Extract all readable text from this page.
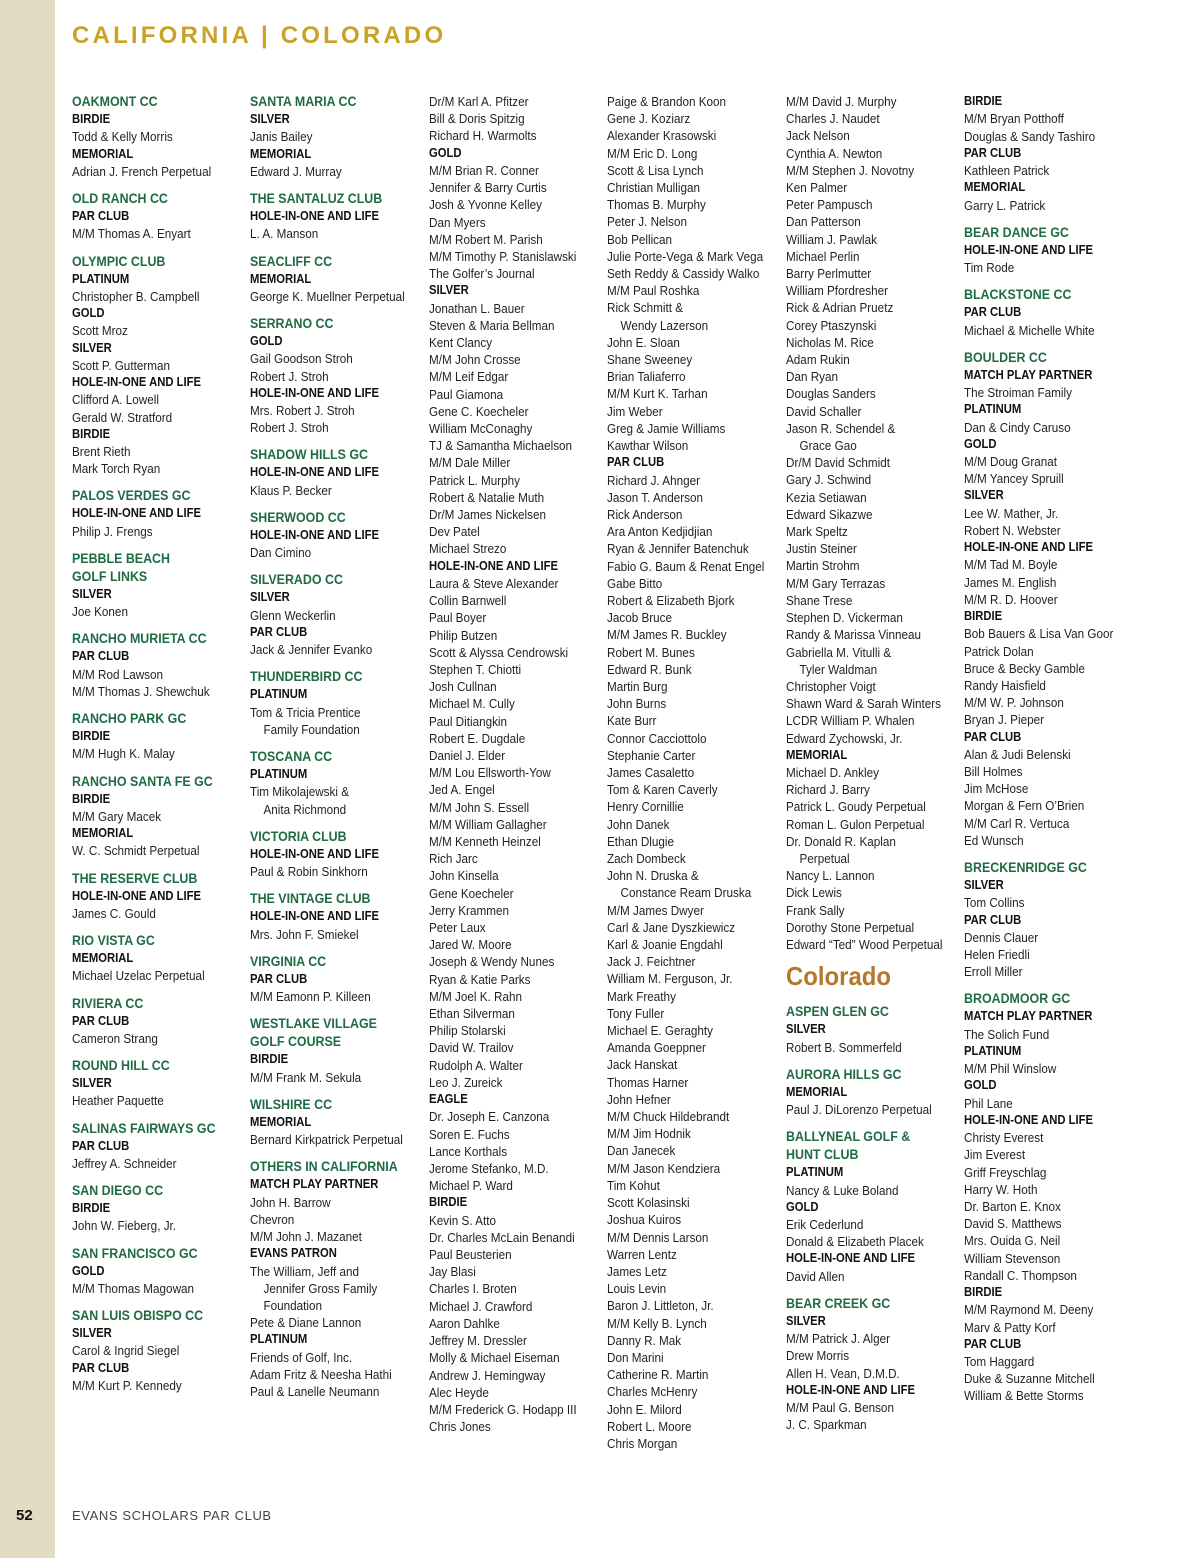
CALIFORNIA | COLORADO
OAKMONT CC
BIRDIE
Todd & Kelly Morris
MEMORIAL
Adrian J. French Perpetual
OLD RANCH CC
PAR CLUB
M/M Thomas A. Enyart
OLYMPIC CLUB
PLATINUM
Christopher B. Campbell
GOLD
Scott Mroz
SILVER
Scott P. Gutterman
HOLE-IN-ONE AND LIFE
Clifford A. Lowell
Gerald W. Stratford
BIRDIE
Brent Rieth
Mark Torch Ryan
PALOS VERDES GC
HOLE-IN-ONE AND LIFE
Philip J. Frengs
PEBBLE BEACH
GOLF LINKS
SILVER
Joe Konen
RANCHO MURIETA CC
PAR CLUB
M/M Rod Lawson
M/M Thomas J. Shewchuk
RANCHO PARK GC
BIRDIE
M/M Hugh K. Malay
RANCHO SANTA FE GC
BIRDIE
M/M Gary Macek
MEMORIAL
W. C. Schmidt Perpetual
THE RESERVE CLUB
HOLE-IN-ONE AND LIFE
James C. Gould
RIO VISTA GC
MEMORIAL
Michael Uzelac Perpetual
RIVIERA CC
PAR CLUB
Cameron Strang
ROUND HILL CC
SILVER
Heather Paquette
SALINAS FAIRWAYS GC
PAR CLUB
Jeffrey A. Schneider
SAN DIEGO CC
BIRDIE
John W. Fieberg, Jr.
SAN FRANCISCO GC
GOLD
M/M Thomas Magowan
SAN LUIS OBISPO CC
SILVER
Carol & Ingrid Siegel
PAR CLUB
M/M Kurt P. Kennedy
SANTA MARIA CC
SILVER
Janis Bailey
MEMORIAL
Edward J. Murray
THE SANTALUZ CLUB
HOLE-IN-ONE AND LIFE
L. A. Manson
SEACLIFF CC
MEMORIAL
George K. Muellner Perpetual
SERRANO CC
GOLD
Gail Goodson Stroh
Robert J. Stroh
HOLE-IN-ONE AND LIFE
Mrs. Robert J. Stroh
Robert J. Stroh
SHADOW HILLS GC
HOLE-IN-ONE AND LIFE
Klaus P. Becker
SHERWOOD CC
HOLE-IN-ONE AND LIFE
Dan Cimino
SILVERADO CC
SILVER
Glenn Weckerlin
PAR CLUB
Jack & Jennifer Evanko
THUNDERBIRD CC
PLATINUM
Tom & Tricia Prentice
Family Foundation
TOSCANA CC
PLATINUM
Tim Mikolajewski &
Anita Richmond
VICTORIA CLUB
HOLE-IN-ONE AND LIFE
Paul & Robin Sinkhorn
THE VINTAGE CLUB
HOLE-IN-ONE AND LIFE
Mrs. John F. Smiekel
VIRGINIA CC
PAR CLUB
M/M Eamonn P. Killeen
WESTLAKE VILLAGE
GOLF COURSE
BIRDIE
M/M Frank M. Sekula
WILSHIRE CC
MEMORIAL
Bernard Kirkpatrick Perpetual
OTHERS IN CALIFORNIA
MATCH PLAY PARTNER
John H. Barrow
Chevron
M/M John J. Mazanet
EVANS PATRON
The William, Jeff and
Jennifer Gross Family
Foundation
Pete & Diane Lannon
PLATINUM
Friends of Golf, Inc.
Adam Fritz & Neesha Hathi
Paul & Lanelle Neumann
Dr/M Karl A. Pfitzer
Bill & Doris Spitzig
Richard H. Warmolts
GOLD
M/M Brian R. Conner
Jennifer & Barry Curtis
Josh & Yvonne Kelley
Dan Myers
M/M Robert M. Parish
M/M Timothy P. Stanislawski
The Golfer’s Journal
SILVER
Jonathan L. Bauer
Steven & Maria Bellman
Kent Clancy
M/M John Crosse
M/M Leif Edgar
Paul Giamona
Gene C. Koecheler
William McConaghy
TJ & Samantha Michaelson
M/M Dale Miller
Patrick L. Murphy
Robert & Natalie Muth
Dr/M James Nickelsen
Dev Patel
Michael Strezo
HOLE-IN-ONE AND LIFE
Laura & Steve Alexander
Collin Barnwell
Paul Boyer
Philip Butzen
Scott & Alyssa Cendrowski
Stephen T. Chiotti
Josh Cullnan
Michael M. Cully
Paul Ditiangkin
Robert E. Dugdale
Daniel J. Elder
M/M Lou Ellsworth-Yow
Jed A. Engel
M/M John S. Essell
M/M William Gallagher
M/M Kenneth Heinzel
Rich Jarc
John Kinsella
Gene Koecheler
Jerry Krammen
Peter Laux
Jared W. Moore
Joseph & Wendy Nunes
Ryan & Katie Parks
M/M Joel K. Rahn
Ethan Silverman
Philip Stolarski
David W. Trailov
Rudolph A. Walter
Leo J. Zureick
EAGLE
Dr. Joseph E. Canzona
Soren E. Fuchs
Lance Korthals
Jerome Stefanko, M.D.
Michael P. Ward
BIRDIE
Kevin S. Atto
Dr. Charles McLain Benandi
Paul Beusterien
Jay Blasi
Charles I. Broten
Michael J. Crawford
Aaron Dahlke
Jeffrey M. Dressler
Molly & Michael Eiseman
Andrew J. Hemingway
Alec Heyde
M/M Frederick G. Hodapp III
Chris Jones
Paige & Brandon Koon
Gene J. Koziarz
Alexander Krasowski
M/M Eric D. Long
Scott & Lisa Lynch
Christian Mulligan
Thomas B. Murphy
Peter J. Nelson
Bob Pellican
Julie Porte-Vega & Mark Vega
Seth Reddy & Cassidy Walko
M/M Paul Roshka
Rick Schmitt &
Wendy Lazerson
John E. Sloan
Shane Sweeney
Brian Taliaferro
M/M Kurt K. Tarhan
Jim Weber
Greg & Jamie Williams
Kawthar Wilson
PAR CLUB
Richard J. Ahnger
Jason T. Anderson
Rick Anderson
Ara Anton Kedjidjian
Ryan & Jennifer Batenchuk
Fabio G. Baum & Renat Engel
Gabe Bitto
Robert & Elizabeth Bjork
Jacob Bruce
M/M James R. Buckley
Robert M. Bunes
Edward R. Bunk
Martin Burg
John Burns
Kate Burr
Connor Cacciottolo
Stephanie Carter
James Casaletto
Tom & Karen Caverly
Henry Cornillie
John Danek
Ethan Dlugie
Zach Dombeck
John N. Druska &
Constance Ream Druska
M/M James Dwyer
Carl & Jane Dyszkiewicz
Karl & Joanie Engdahl
Jack J. Feichtner
William M. Ferguson, Jr.
Mark Freathy
Tony Fuller
Michael E. Geraghty
Amanda Goeppner
Jack Hanskat
Thomas Harner
John Hefner
M/M Chuck Hildebrandt
M/M Jim Hodnik
Dan Janecek
M/M Jason Kendziera
Tim Kohut
Scott Kolasinski
Joshua Kuiros
M/M Dennis Larson
Warren Lentz
James Letz
Louis Levin
Baron J. Littleton, Jr.
M/M Kelly B. Lynch
Danny R. Mak
Don Marini
Catherine R. Martin
Charles McHenry
John E. Milord
Robert L. Moore
Chris Morgan
M/M David J. Murphy
Charles J. Naudet
Jack Nelson
Cynthia A. Newton
M/M Stephen J. Novotny
Ken Palmer
Peter Pampusch
Dan Patterson
William J. Pawlak
Michael Perlin
Barry Perlmutter
William Pfordresher
Rick & Adrian Pruetz
Corey Ptaszynski
Nicholas M. Rice
Adam Rukin
Dan Ryan
Douglas Sanders
David Schaller
Jason R. Schendel &
Grace Gao
Dr/M David Schmidt
Gary J. Schwind
Kezia Setiawan
Edward Sikazwe
Mark Speltz
Justin Steiner
Martin Strohm
M/M Gary Terrazas
Shane Trese
Stephen D. Vickerman
Randy & Marissa Vinneau
Gabriella M. Vitulli &
Tyler Waldman
Christopher Voigt
Shawn Ward & Sarah Winters
LCDR William P. Whalen
Edward Zychowski, Jr.
MEMORIAL
Michael D. Ankley
Richard J. Barry
Patrick L. Goudy Perpetual
Roman L. Gulon Perpetual
Dr. Donald R. Kaplan
Perpetual
Nancy L. Lannon
Dick Lewis
Frank Sally
Dorothy Stone Perpetual
Edward “Ted” Wood Perpetual
Colorado
ASPEN GLEN GC
SILVER
Robert B. Sommerfeld
AURORA HILLS GC
MEMORIAL
Paul J. DiLorenzo Perpetual
BALLYNEAL GOLF &
HUNT CLUB
PLATINUM
Nancy & Luke Boland
GOLD
Erik Cederlund
Donald & Elizabeth Placek
HOLE-IN-ONE AND LIFE
David Allen
BEAR CREEK GC
SILVER
M/M Patrick J. Alger
Drew Morris
Allen H. Vean, D.M.D.
HOLE-IN-ONE AND LIFE
M/M Paul G. Benson
J. C. Sparkman
BIRDIE
M/M Bryan Potthoff
Douglas & Sandy Tashiro
PAR CLUB
Kathleen Patrick
MEMORIAL
Garry L. Patrick
BEAR DANCE GC
HOLE-IN-ONE AND LIFE
Tim Rode
BLACKSTONE CC
PAR CLUB
Michael & Michelle White
BOULDER CC
MATCH PLAY PARTNER
The Stroiman Family
PLATINUM
Dan & Cindy Caruso
GOLD
M/M Doug Granat
M/M Yancey Spruill
SILVER
Lee W. Mather, Jr.
Robert N. Webster
HOLE-IN-ONE AND LIFE
M/M Tad M. Boyle
James M. English
M/M R. D. Hoover
BIRDIE
Bob Bauers & Lisa Van Goor
Patrick Dolan
Bruce & Becky Gamble
Randy Haisfield
M/M W. P. Johnson
Bryan J. Pieper
PAR CLUB
Alan & Judi Belenski
Bill Holmes
Jim McHose
Morgan & Fern O’Brien
M/M Carl R. Vertuca
Ed Wunsch
BRECKENRIDGE GC
SILVER
Tom Collins
PAR CLUB
Dennis Clauer
Helen Friedli
Erroll Miller
BROADMOOR GC
MATCH PLAY PARTNER
The Solich Fund
PLATINUM
M/M Phil Winslow
GOLD
Phil Lane
HOLE-IN-ONE AND LIFE
Christy Everest
Jim Everest
Griff Freyschlag
Harry W. Hoth
Dr. Barton E. Knox
David S. Matthews
Mrs. Ouida G. Neil
William Stevenson
Randall C. Thompson
BIRDIE
M/M Raymond M. Deeny
Marv & Patty Korf
PAR CLUB
Tom Haggard
Duke & Suzanne Mitchell
William & Bette Storms
52	EVANS SCHOLARS PAR CLUB
